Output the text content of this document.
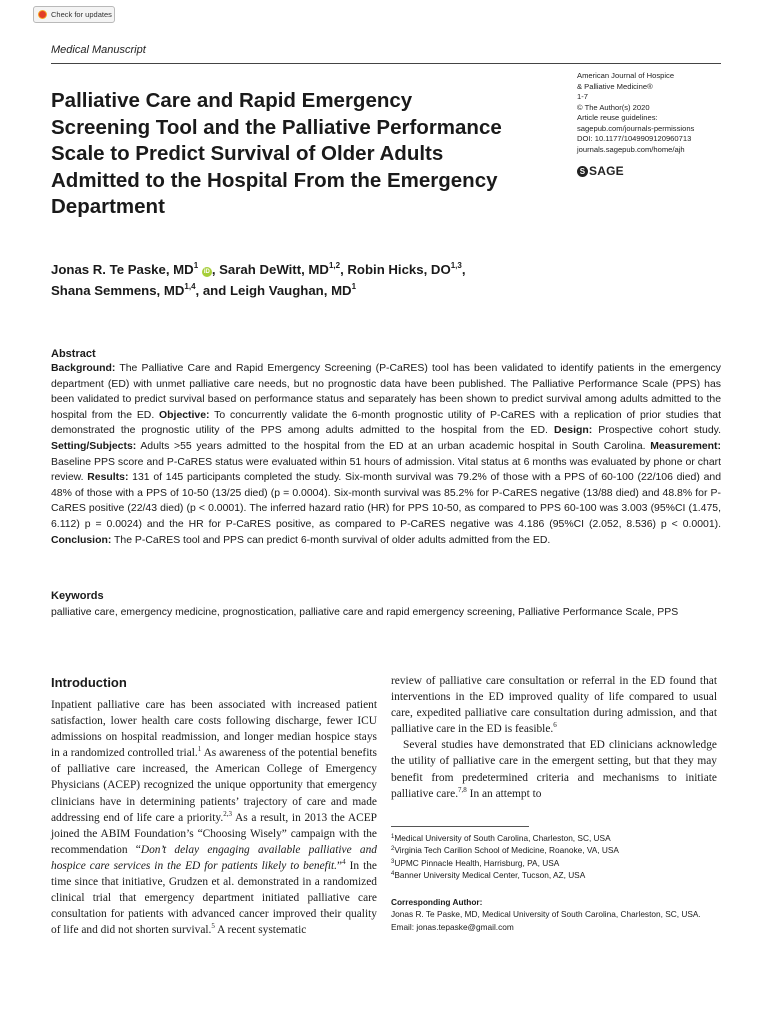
Check for updates
Medical Manuscript
American Journal of Hospice
& Palliative Medicine®
1-7
© The Author(s) 2020
Article reuse guidelines:
sagepub.com/journals-permissions
DOI: 10.1177/1049909120960713
journals.sagepub.com/home/ajh
S SAGE
Palliative Care and Rapid Emergency Screening Tool and the Palliative Performance Scale to Predict Survival of Older Adults Admitted to the Hospital From the Emergency Department
Jonas R. Te Paske, $MD^1$ iD , Sarah DeWitt, MD$^{1,2}$, Robin Hicks, DO$^{1,3}$,
Shana Semmens, MD$^{1,4}$, and Leigh Vaughan, $MD^1$
Abstract
Background: The Palliative Care and Rapid Emergency Screening (P-CaRES) tool has been validated to identify patients in the emergency department (ED) with unmet palliative care needs, but no prognostic data have been published. The Palliative Performance Scale (PPS) has been validated to predict survival based on performance status and separately has been shown to predict survival among adults admitted to the hospital from the ED. Objective: To concurrently validate the 6-month prognostic utility of P-CaRES with a replication of prior studies that demonstrated the prognostic utility of the PPS among adults admitted to the hospital from the ED. Design: Prospective cohort study. Setting/Subjects: Adults >55 years admitted to the hospital from the ED at an urban academic hospital in South Carolina. Measurement: Baseline PPS score and P-CaRES status were evaluated within 51 hours of admission. Vital status at 6 months was evaluated by phone or chart review. Results: 131 of 145 participants completed the study. Six-month survival was 79.2% of those with a PPS of 60-100 (22/106 died) and 48% of those with a PPS of 10-50 (13/25 died) (p = 0.0004). Six-month survival was 85.2% for P-CaRES negative (13/88 died) and 48.8% for P-CaRES positive (22/43 died) (p < 0.0001). The inferred hazard ratio (HR) for PPS 10-50, as compared to PPS 60-100 was 3.003 (95%CI (1.475, 6.112) p = 0.0024) and the HR for P-CaRES positive, as compared to P-CaRES negative was 4.186 (95%CI (2.052, 8.536) p < 0.0001). Conclusion: The P-CaRES tool and PPS can predict 6-month survival of older adults admitted from the ED.
Keywords
palliative care, emergency medicine, prognostication, palliative care and rapid emergency screening, Palliative Performance Scale, PPS
Introduction

Inpatient palliative care has been associated with increased patient satisfaction, lower health care costs following discharge, fewer ICU admissions on hospital readmission, and longer median hospice stays in a randomized controlled trial.$^1$ As awareness of the potential benefits of palliative care increased, the American College of Emergency Physicians (ACEP) recognized the unique opportunity that emergency clinicians have in determining patients’ trajectory of care and made addressing end of life care a priority.$^{2,3}$ As a result, in 2013 the ACEP joined the ABIM Foundation’s “Choosing Wisely” campaign with the recommendation “Don’t delay engaging available palliative and hospice care services in the ED for patients likely to benefit.”$^4$ In the time since that initiative, Grudzen et al. demonstrated in a randomized clinical trial that emergency department initiated palliative care consultation for patients with advanced cancer improved their quality of life and did not shorten survival.$^5$ A recent systematic

review of palliative care consultation or referral in the ED found that interventions in the ED improved quality of life compared to usual care, expedited palliative care consultation during admission, and that palliative care in the ED is feasible.$^6$

Several studies have demonstrated that ED clinicians acknowledge the utility of palliative care in the emergent setting, but that they may benefit from predetermined criteria and mechanisms to initiate palliative care.$^{7,8}$ In an attempt to

$^1$Medical University of South Carolina, Charleston, SC, USA
$^2$Virginia Tech Carilion School of Medicine, Roanoke, VA, USA
$^3$UPMC Pinnacle Health, Harrisburg, PA, USA
$^4$Banner University Medical Center, Tucson, AZ, USA
Corresponding Author:
Jonas R. Te Paske, MD, Medical University of South Carolina, Charleston, SC, USA.
Email: jonas.tepaske@gmail.com
